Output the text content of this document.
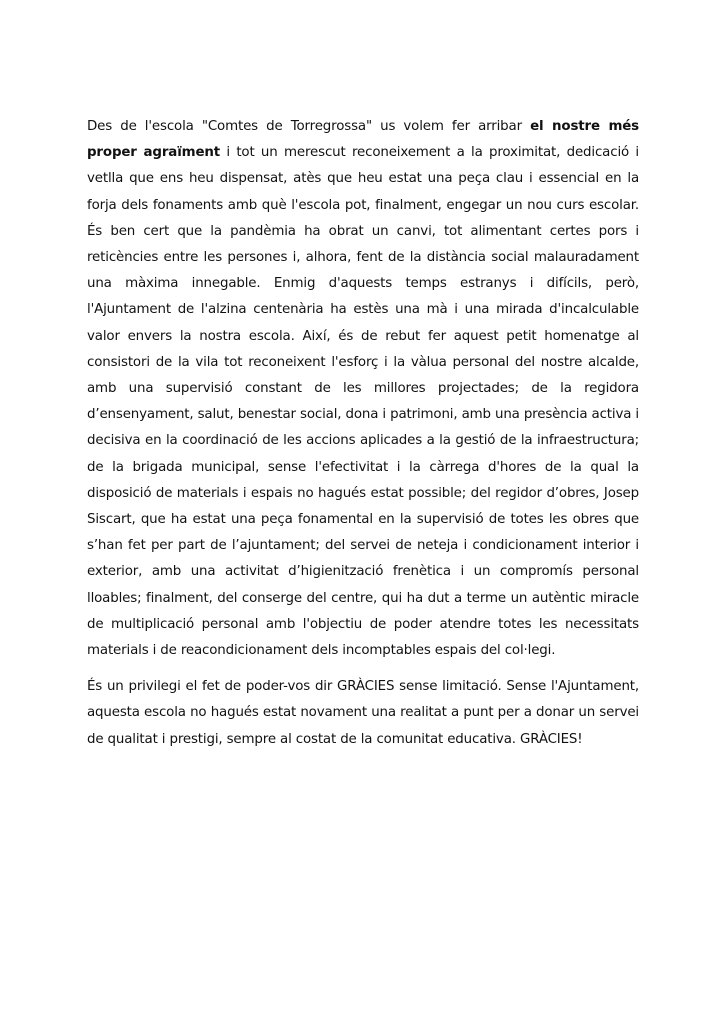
Des de l'escola "Comtes de Torregrossa" us volem fer arribar el nostre més proper agraïment i tot un merescut reconeixement a la proximitat, dedicació i vetlla que ens heu dispensat, atès que heu estat una peça clau i essencial en la forja dels fonaments amb què l'escola pot, finalment, engegar un nou curs escolar. És ben cert que la pandèmia ha obrat un canvi, tot alimentant certes pors i reticències entre les persones i, alhora, fent de la distància social malauradament una màxima innegable. Enmig d'aquests temps estranys i difícils, però, l'Ajuntament de l'alzina centenària ha estès una mà i una mirada d'incalculable valor envers la nostra escola. Així, és de rebut fer aquest petit homenatge al consistori de la vila tot reconeixent l'esforç i la vàlua personal del nostre alcalde, amb una supervisió constant de les millores projectades; de la regidora d’ensenyament, salut, benestar social, dona i patrimoni, amb una presència activa i decisiva en la coordinació de les accions aplicades a la gestió de la infraestructura; de la brigada municipal, sense l'efectivitat i la càrrega d'hores de la qual la disposició de materials i espais no hagués estat possible; del regidor d’obres, Josep Siscart, que ha estat una peça fonamental en la supervisió de totes les obres que s’han fet per part de l’ajuntament; del servei de neteja i condicionament interior i exterior, amb una activitat d’higienització frenètica i un compromís personal lloables; finalment, del conserge del centre, qui ha dut a terme un autèntic miracle de multiplicació personal amb l'objectiu de poder atendre totes les necessitats materials i de reacondicionament dels incomptables espais del col·legi.

És un privilegi el fet de poder-vos dir GRÀCIES sense limitació. Sense l'Ajuntament, aquesta escola no hagués estat novament una realitat a punt per a donar un servei de qualitat i prestigi, sempre al costat de la comunitat educativa. GRÀCIES!
